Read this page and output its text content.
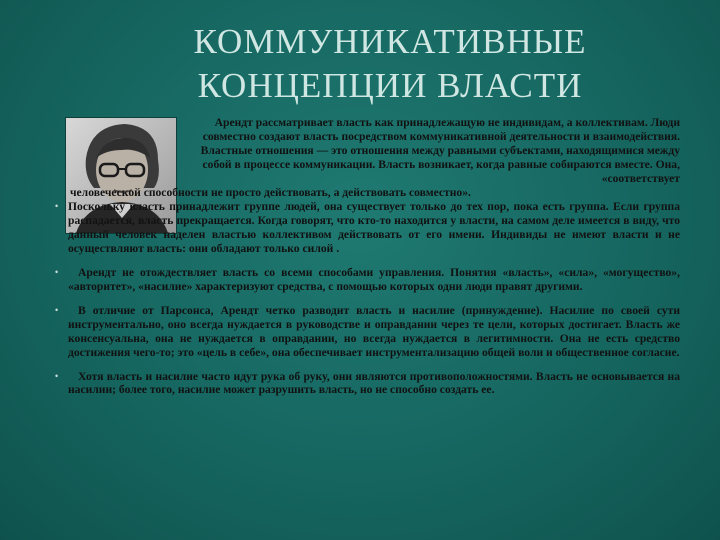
КОММУНИКАТИВНЫЕ
КОНЦЕПЦИИ ВЛАСТИ
Арендт рассматривает власть как принадлежащую не индивидам, а коллективам. Люди совместно создают власть посредством коммуникативной деятельности и взаимодействия. Властные отношения — это отношения между равными субъектами, находящимися между собой в процессе коммуникации. Власть возникает, когда равные собираются вместе. Она, «соответствует
человеческой способности не просто действовать, а действовать совместно».

• Поскольку власть принадлежит группе людей, она существует только до тех пор, пока есть группа. Если группа распадается, власть прекращается. Когда говорят, что кто-то находится у власти, на самом деле имеется в виду, что данный человек наделен властью коллективом действовать от его имени. Индивиды не имеют власти и не осуществляют власть: они обладают только силой .

• Арендт не отождествляет власть со всеми способами управления. Понятия «власть», «сила», «могущество», «авторитет», «насилие» характеризуют средства, с помощью которых одни люди правят другими.

• В отличие от Парсонса, Арендт четко разводит власть и насилие (принуждение). Насилие по своей сути инструментально, оно всегда нуждается в руководстве и оправдании через те цели, которых достигает. Власть же консенсуальна, она не нуждается в оправдании, но всегда нуждается в легитимности. Она не есть средство достижения чего-то; это «цель в себе», она обеспечивает инструментализацию общей воли и общественное согласие.

• Хотя власть и насилие часто идут рука об руку, они являются противоположностями. Власть не основывается на насилии; более того, насилие может разрушить власть, но не способно создать ее.
